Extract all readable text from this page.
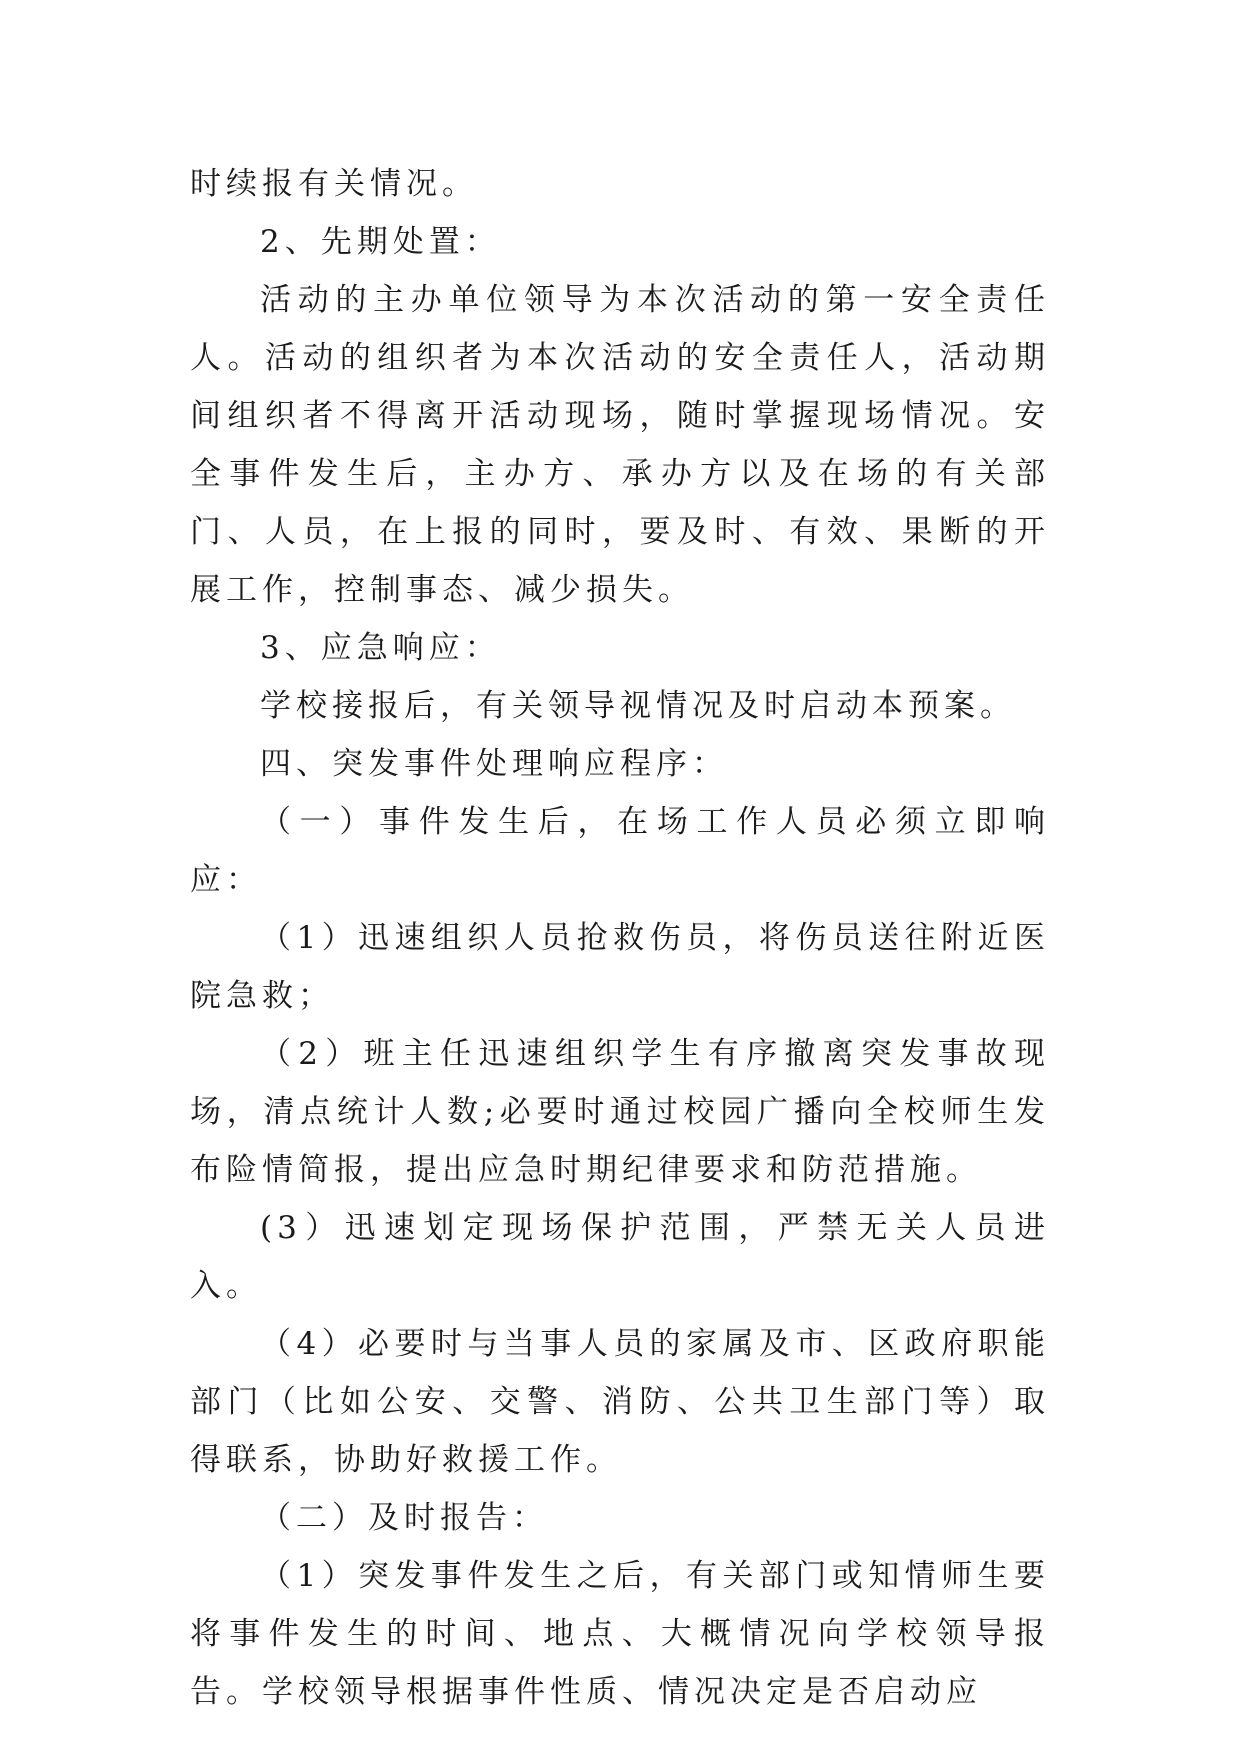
时续报有关情况。

2、先期处置：

活动的主办单位领导为本次活动的第一安全责任人。活动的组织者为本次活动的安全责任人，活动期间组织者不得离开活动现场，随时掌握现场情况。安全事件发生后，主办方、承办方以及在场的有关部门、人员，在上报的同时，要及时、有效、果断的开展工作，控制事态、减少损失。

3、应急响应：

学校接报后，有关领导视情况及时启动本预案。

四、突发事件处理响应程序：

（一）事件发生后，在场工作人员必须立即响应：

（1）迅速组织人员抢救伤员，将伤员送往附近医院急救；

（2）班主任迅速组织学生有序撤离突发事故现场，清点统计人数;必要时通过校园广播向全校师生发布险情简报，提出应急时期纪律要求和防范措施。

(3）迅速划定现场保护范围，严禁无关人员进入。

（4）必要时与当事人员的家属及市、区政府职能部门（比如公安、交警、消防、公共卫生部门等）取得联系，协助好救援工作。

（二）及时报告：

（1）突发事件发生之后，有关部门或知情师生要将事件发生的时间、地点、大概情况向学校领导报告。学校领导根据事件性质、情况决定是否启动应
